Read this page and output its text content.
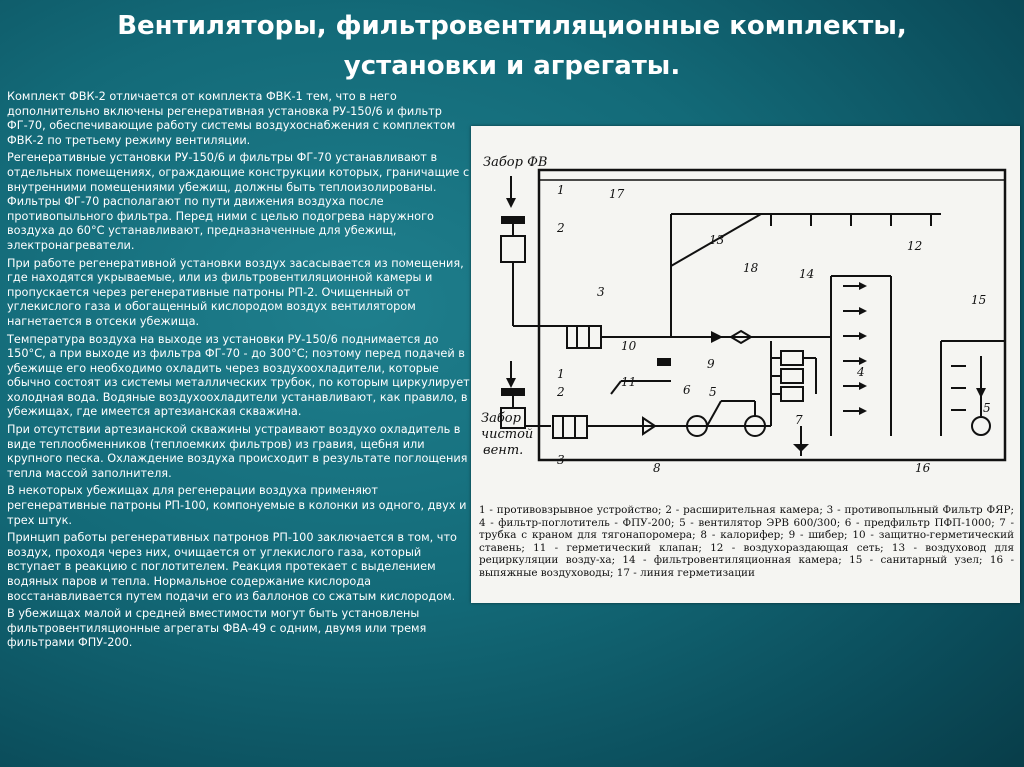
Вентиляторы, фильтровентиляционные комплекты,
установки и агрегаты.

Комплект ФВК-2 отличается от комплекта ФВК-1 тем, что в него дополнительно включены регенеративная установка РУ-150/6 и фильтр ФГ-70, обеспечивающие работу системы воздухоснабжения с комплектом ФВК-2 по третьему режиму вентиляции.

Регенеративные установки РУ-150/6 и фильтры ФГ-70 устанавливают в отдельных помещениях, ограждающие конструкции которых, граничащие с внутренними помещениями убежищ, должны быть теплоизолированы. Фильтры ФГ-70 располагают по пути движения воздуха после противопыльного фильтра. Перед ними с целью подогрева наружного воздуха до 60°С устанавливают, предназначенные для убежищ, электронагреватели.

При работе регенеративной установки воздух засасывается из помещения, где находятся укрываемые, или из фильтровентиляционной камеры и пропускается через регенеративные патроны РП-2. Очищенный от углекислого газа и обогащенный кислородом воздух вентилятором нагнетается в отсеки убежища.

Температура воздуха на выходе из установки РУ-150/6 поднимается до 150°С, а при выходе из фильтра ФГ-70 - до 300°С; поэтому перед подачей в убежище его необходимо охладить через воздухоохладители, которые обычно состоят из системы металлических трубок, по которым циркулирует холодная вода. Водяные воздухоохладители устанавливают, как правило, в убежищах, где имеется артезианская скважина.

При отсутствии артезианской скважины устраивают воздухо охладитель в виде теплообменников (теплоемких фильтров) из гравия, щебня или крупного песка. Охлаждение воздуха происходит в результате поглощения тепла массой заполнителя.

В некоторых убежищах для регенерации воздуха применяют регенеративные патроны РП-100, компонуемые в колонки из одного, двух и трех штук.

Принцип работы регенеративных патронов РП-100 заключается в том, что воздух, проходя через них, очищается от углекислого газа, который вступает в реакцию с поглотителем. Реакция протекает с выделением водяных паров и тепла. Нормальное содержание кислорода восстанавливается путем подачи его из баллонов со сжатым кислородом.

В убежищах малой и средней вместимости могут быть установлены фильтровентиляционные агрегаты ФВА-49 с одним, двумя или тремя фильтрами ФПУ-200.

Забор ФВ
Забор
чистой
вент.
1
2
3
1
2
3
4
5
6
7
8
9
10
11
12
13
14
15
16
17
18
5
1 - противовзрывное устройство; 2 - расширительная камера; 3 - противопыльный Фильтр ФЯР; 4 - фильтр-поглотитель - ФПУ-200; 5 - вентилятор ЭРВ 600/300; 6 - предфильтр ПФП-1000; 7 - трубка с краном для тягонапоромера; 8 - калорифер; 9 - шибер; 10 - защитно-герметический ставень; 11 - герметический клапан; 12 - воздухораздающая сеть; 13 - воздуховод для рециркуляции возду-ха; 14 - фильтровентиляционная камера; 15 - санитарный узел; 16 - выпяжные воздуховоды; 17 - линия герметизации
